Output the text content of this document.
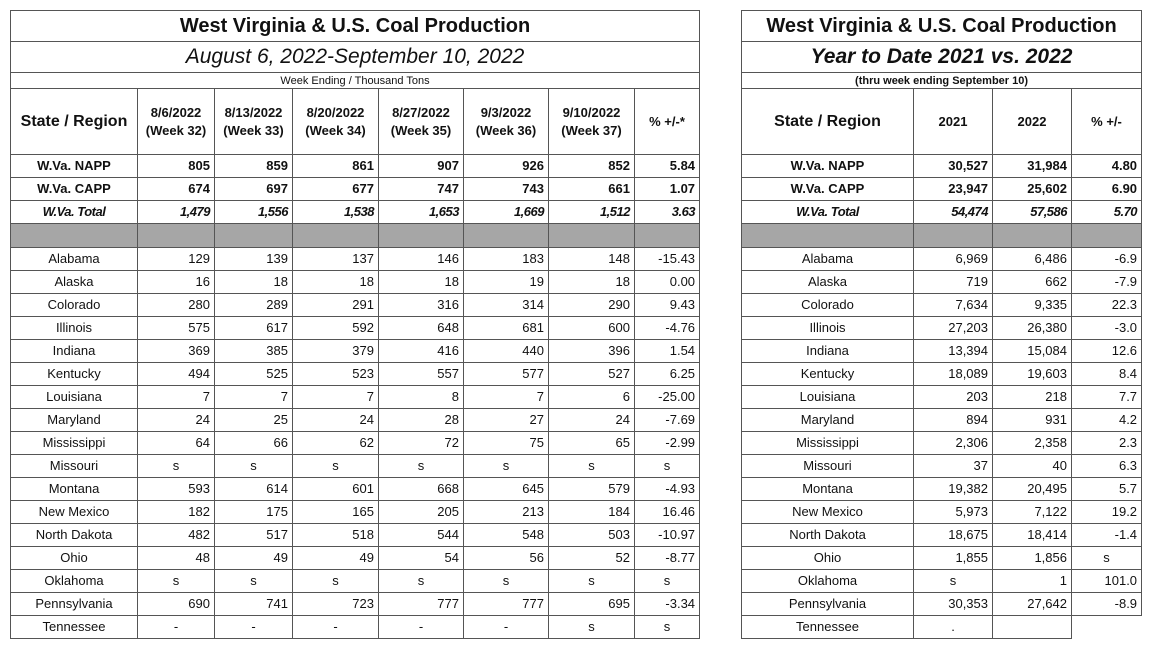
West Virginia & U.S. Coal Production							
August 6, 2022-September 10, 2022							
Week Ending / Thousand Tons							
State / Region	8/6/2022 (Week 32)	8/13/2022 (Week 33)	8/20/2022 (Week 34)	8/27/2022 (Week 35)	9/3/2022 (Week 36)	9/10/2022 (Week 37)	% +/-*
W.Va. NAPP	805	859	861	907	926	852	5.84
W.Va. CAPP	674	697	677	747	743	661	1.07
W.Va. Total	1,479	1,556	1,538	1,653	1,669	1,512	3.63

Alabama	129	139	137	146	183	148	-15.43
Alaska	16	18	18	18	19	18	0.00
Colorado	280	289	291	316	314	290	9.43
Illinois	575	617	592	648	681	600	-4.76
Indiana	369	385	379	416	440	396	1.54
Kentucky	494	525	523	557	577	527	6.25
Louisiana	7	7	7	8	7	6	-25.00
Maryland	24	25	24	28	27	24	-7.69
Mississippi	64	66	62	72	75	65	-2.99
Missouri	s	s	s	s	s	s	s
Montana	593	614	601	668	645	579	-4.93
New Mexico	182	175	165	205	213	184	16.46
North Dakota	482	517	518	544	548	503	-10.97
Ohio	48	49	49	54	56	52	-8.77
Oklahoma	s	s	s	s	s	s	s
Pennsylvania	690	741	723	777	777	695	-3.34
Tennessee	-	-	-	-	-	s	s
West Virginia & U.S. Coal Production			
Year to Date 2021 vs. 2022			
(thru week ending September 10)			
State / Region	2021	2022	% +/-
W.Va. NAPP	30,527	31,984	4.80
W.Va. CAPP	23,947	25,602	6.90
W.Va. Total	54,474	57,586	5.70

Alabama	6,969	6,486	-6.9
Alaska	719	662	-7.9
Colorado	7,634	9,335	22.3
Illinois	27,203	26,380	-3.0
Indiana	13,394	15,084	12.6
Kentucky	18,089	19,603	8.4
Louisiana	203	218	7.7
Maryland	894	931	4.2
Mississippi	2,306	2,358	2.3
Missouri	37	40	6.3
Montana	19,382	20,495	5.7
New Mexico	5,973	7,122	19.2
North Dakota	18,675	18,414	-1.4
Ohio	1,855	1,856	s
Oklahoma	s	1	101.0
Pennsylvania	30,353	27,642	-8.9
Tennessee	.		
